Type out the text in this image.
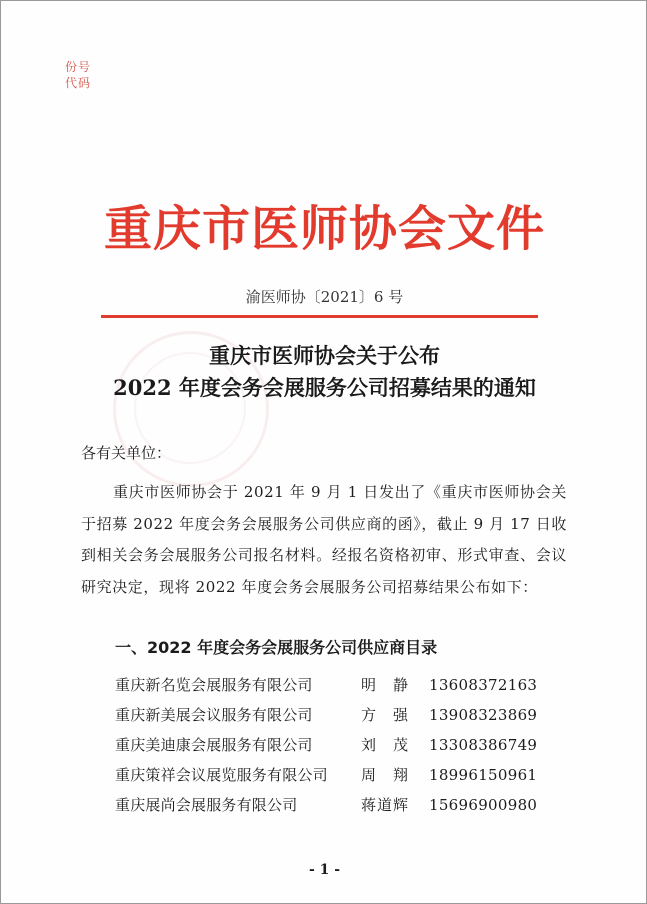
份号
代码
重庆市医师协会文件
渝医师协〔2021〕6 号
重庆市医师协会关于公布
2022 年度会务会展服务公司招募结果的通知
各有关单位：
重庆市医师协会于 2021 年 9 月 1 日发出了《重庆市医师协会关于招募 2022 年度会务会展服务公司供应商的函》，截止 9 月 17 日收到相关会务会展服务公司报名材料。经报名资格初审、形式审查、会议研究决定，现将 2022 年度会务会展服务公司招募结果公布如下：
一、2022 年度会务会展服务公司供应商目录
重庆新名览会展服务有限公司	明　静 13608372163
重庆新美展会议服务有限公司	方　强 13908323869
重庆美迪康会展服务有限公司	刘　茂 13308386749
重庆策祥会议展览服务有限公司 周　翔 18996150961
重庆展尚会展服务有限公司	蒋道辉 15696900980
- 1 -
